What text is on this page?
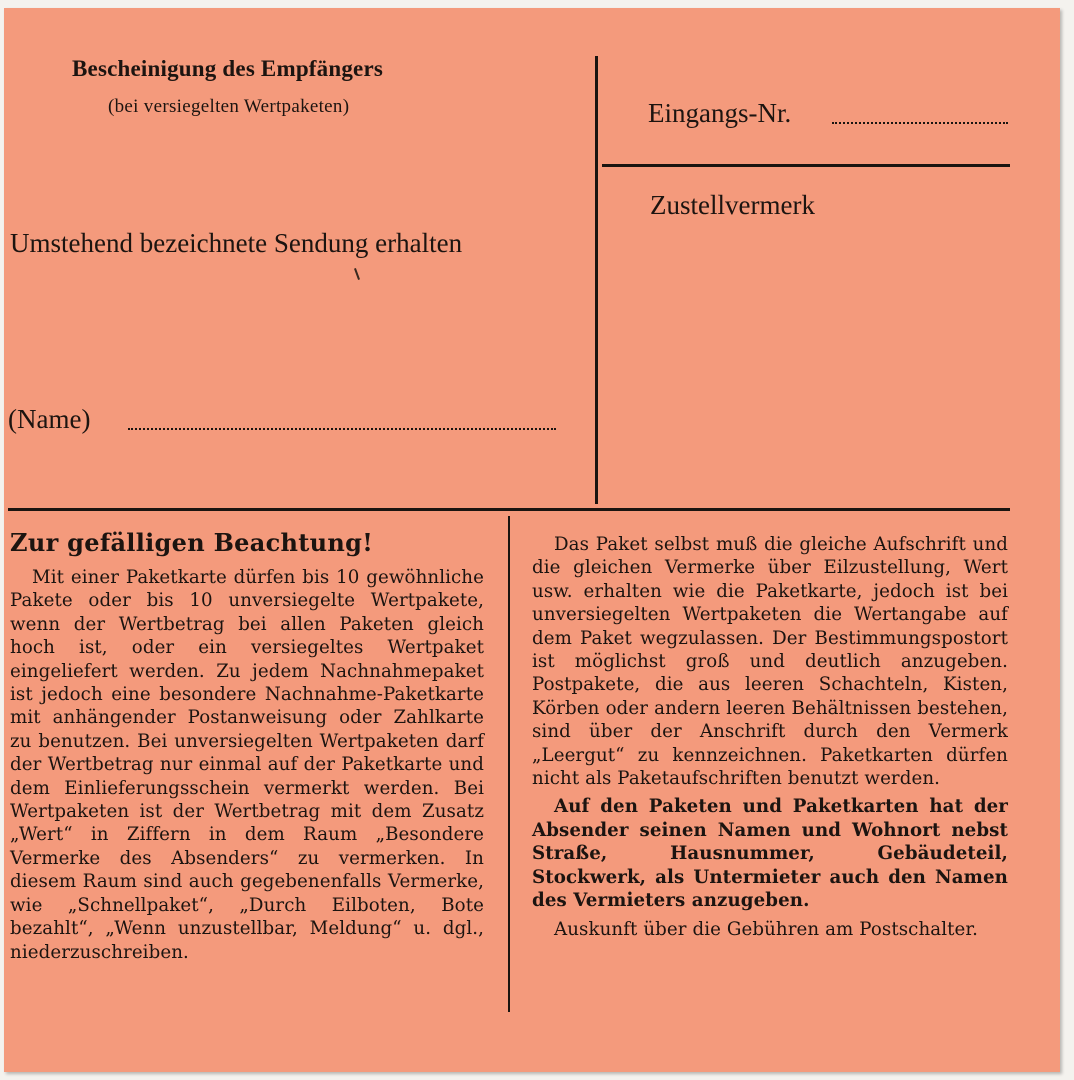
Bescheinigung des Empfängers
(bei versiegelten Wertpaketen)
Umstehend bezeichnete Sendung erhalten
(Name)
Eingangs-Nr.
Zustellvermerk
Zur gefälligen Beachtung!

Mit einer Paketkarte dürfen bis 10 gewöhnliche Pakete oder bis 10 unversiegelte Wertpakete, wenn der Wertbetrag bei allen Paketen gleich hoch ist, oder ein versiegeltes Wertpaket eingeliefert werden. Zu jedem Nachnahmepaket ist jedoch eine besondere Nachnahme-Paketkarte mit anhängender Postanweisung oder Zahlkarte zu benutzen. Bei unversiegelten Wertpaketen darf der Wertbetrag nur einmal auf der Paketkarte und dem Einlieferungsschein vermerkt werden. Bei Wertpaketen ist der Wertbetrag mit dem Zusatz „Wert“ in Ziffern in dem Raum „Besondere Vermerke des Absenders“ zu vermerken. In diesem Raum sind auch gegebenenfalls Vermerke, wie „Schnellpaket“, „Durch Eilboten, Bote bezahlt“, „Wenn unzustellbar, Meldung“ u. dgl., niederzuschreiben.

Das Paket selbst muß die gleiche Aufschrift und die gleichen Vermerke über Eilzustellung, Wert usw. erhalten wie die Paketkarte, jedoch ist bei unversiegelten Wertpaketen die Wertangabe auf dem Paket wegzulassen. Der Bestimmungspostort ist möglichst groß und deutlich anzugeben. Postpakete, die aus leeren Schachteln, Kisten, Körben oder andern leeren Behältnissen bestehen, sind über der Anschrift durch den Vermerk „Leergut“ zu kennzeichnen. Paketkarten dürfen nicht als Paketaufschriften benutzt werden.

Auf den Paketen und Paketkarten hat der Absender seinen Namen und Wohnort nebst Straße, Hausnummer, Gebäudeteil, Stockwerk, als Untermieter auch den Namen des Vermieters anzugeben.

Auskunft über die Gebühren am Postschalter.
